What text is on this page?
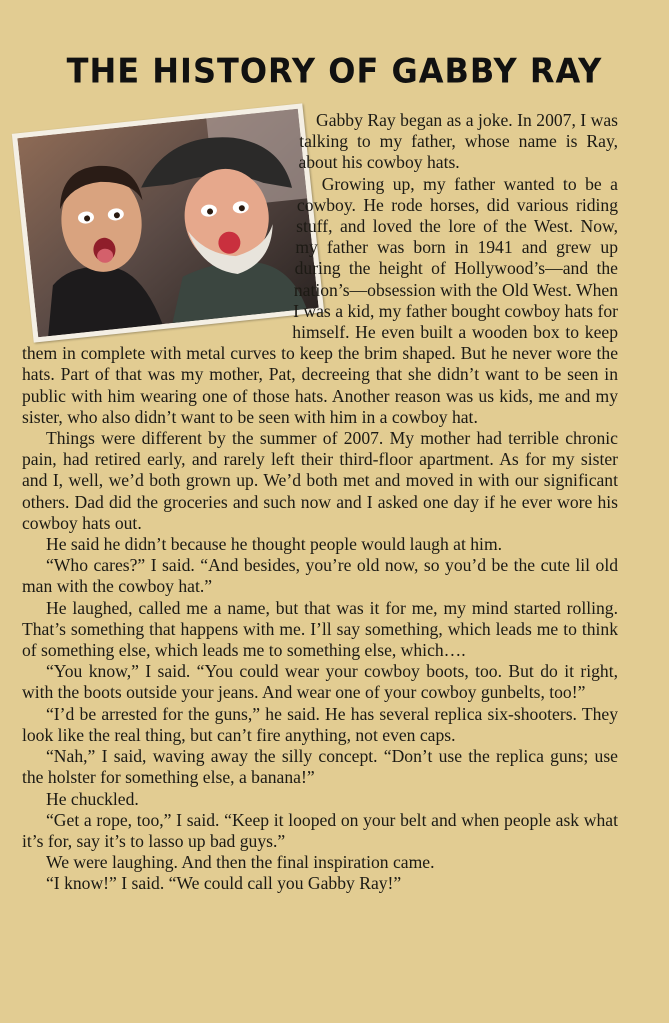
THE HISTORY OF GABBY RAY

Gabby Ray began as a joke. In 2007, I was talking to my father, whose name is Ray, about his cowboy hats.

Growing up, my father wanted to be a cowboy. He rode horses, did various riding stuff, and loved the lore of the West. Now, my father was born in 1941 and grew up during the height of Hollywood’s—and the nation’s—obsession with the Old West. When I was a kid, my father bought cowboy hats for himself. He even built a wooden box to keep them in complete with metal curves to keep the brim shaped. But he never wore the hats. Part of that was my mother, Pat, decreeing that she didn’t want to be seen in public with him wearing one of those hats. Another reason was us kids, me and my sister, who also didn’t want to be seen with him in a cowboy hat.

Things were different by the summer of 2007. My mother had terrible chronic pain, had retired early, and rarely left their third-floor apartment. As for my sister and I, well, we’d both grown up. We’d both met and moved in with our significant others. Dad did the groceries and such now and I asked one day if he ever wore his cowboy hats out.

He said he didn’t because he thought people would laugh at him.

“Who cares?” I said. “And besides, you’re old now, so you’d be the cute lil old man with the cowboy hat.”

He laughed, called me a name, but that was it for me, my mind started rolling. That’s something that happens with me. I’ll say something, which leads me to think of something else, which leads me to something else, which….

“You know,” I said. “You could wear your cowboy boots, too. But do it right, with the boots outside your jeans. And wear one of your cowboy gunbelts, too!”

“I’d be arrested for the guns,” he said. He has several replica six-shooters. They look like the real thing, but can’t fire anything, not even caps.

“Nah,” I said, waving away the silly concept. “Don’t use the replica guns; use the holster for something else, a banana!”

He chuckled.

“Get a rope, too,” I said. “Keep it looped on your belt and when people ask what it’s for, say it’s to lasso up bad guys.”

We were laughing. And then the final inspiration came.

“I know!” I said. “We could call you Gabby Ray!”
